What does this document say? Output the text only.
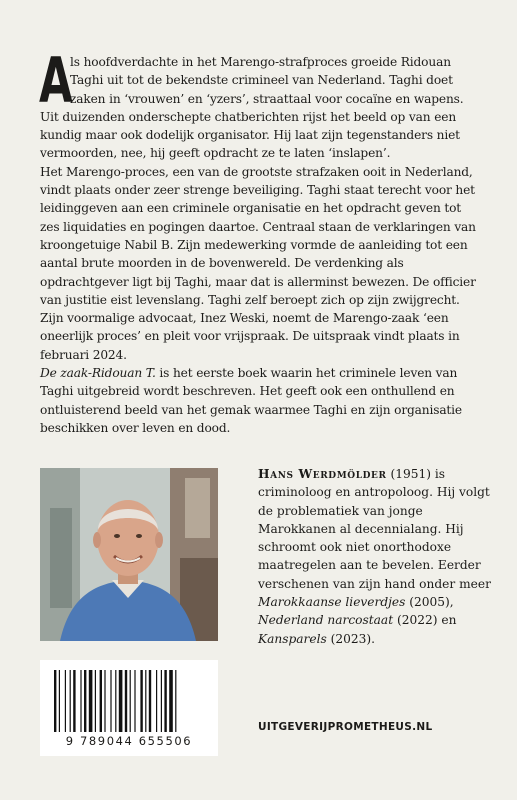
A
ls hoofdverdachte in het Marengo-strafproces groeide Ridouan Taghi uit tot de bekendste crimineel van Nederland. Taghi doet zaken in ‘vrouwen’ en ‘yzers’, straattaal voor cocaïne en wapens. Uit duizenden onderschepte chatberichten rijst het beeld op van een kundig maar ook dodelijk organisator. Hij laat zijn tegenstanders niet vermoorden, nee, hij geeft opdracht ze te laten ‘inslapen’.

Het Marengo-proces, een van de grootste strafzaken ooit in Nederland, vindt plaats onder zeer strenge beveiliging. Taghi staat terecht voor het leidinggeven aan een criminele organisatie en het opdracht geven tot zes liquidaties en pogingen daartoe. Centraal staan de verklaringen van kroongetuige Nabil B. Zijn medewerking vormde de aanleiding tot een aantal brute moorden in de bovenwereld. De verdenking als opdrachtgever ligt bij Taghi, maar dat is allerminst bewezen. De officier van justitie eist levenslang. Taghi zelf beroept zich op zijn zwijgrecht. Zijn voormalige advocaat, Inez Weski, noemt de Marengo-zaak ‘een oneerlijk proces’ en pleit voor vrijspraak. De uitspraak vindt plaats in februari 2024.

De zaak-Ridouan T. is het eerste boek waarin het criminele leven van Taghi uitgebreid wordt beschreven. Het geeft ook een onthullend en ontluisterend beeld van het gemak waarmee Taghi en zijn organisatie beschikken over leven en dood.

Hans Werdmölder (1951) is criminoloog en antropoloog. Hij volgt de problematiek van jonge Marokkanen al decennialang. Hij schroomt ook niet onorthodoxe maatregelen aan te bevelen. Eerder verschenen van zijn hand onder meer Marokkaanse lieverdjes (2005), Nederland narcostaat (2022) en Kansparels (2023).

9 789044 655506
UITGEVERIJPROMETHEUS.NL
